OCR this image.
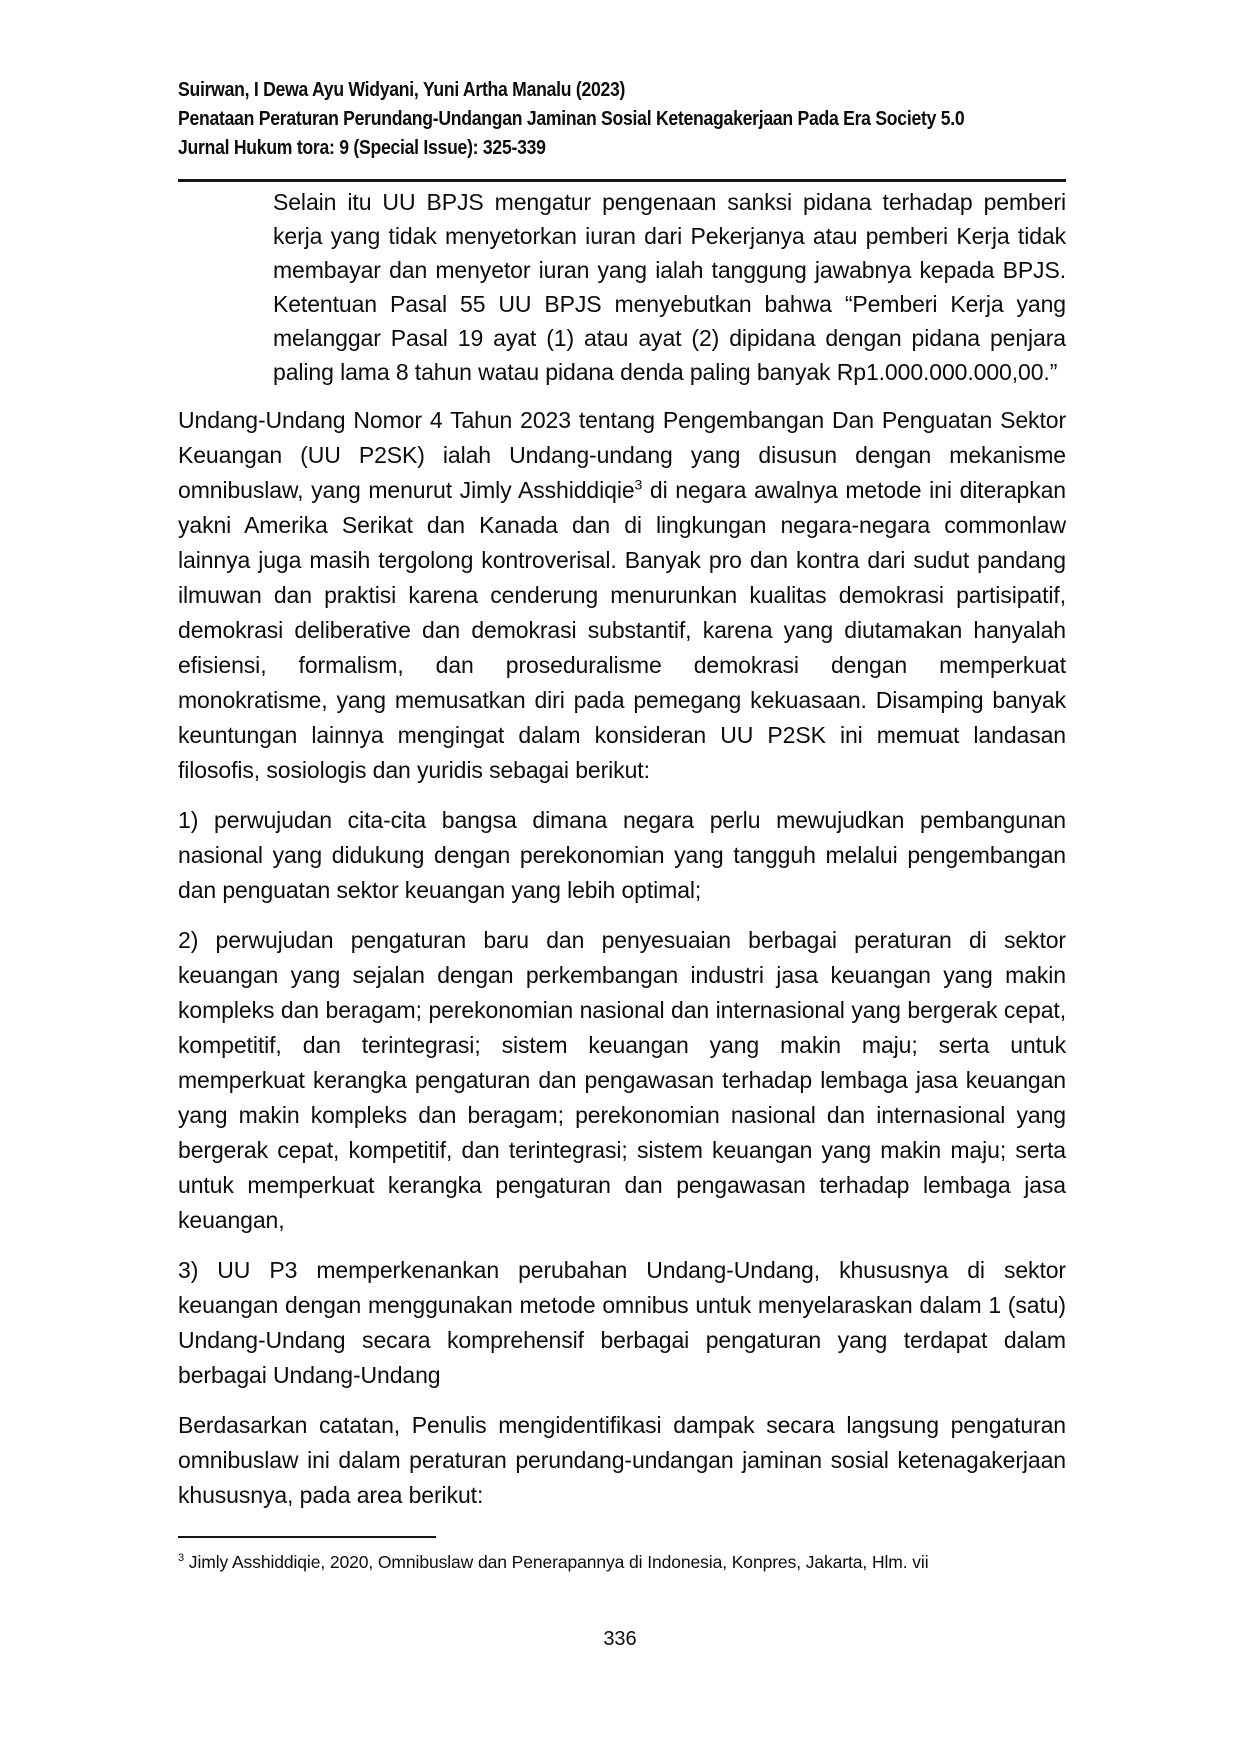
Suirwan, I Dewa Ayu Widyani, Yuni Artha Manalu (2023)
Penataan Peraturan Perundang-Undangan Jaminan Sosial Ketenagakerjaan Pada Era Society 5.0
Jurnal Hukum tora: 9 (Special Issue): 325-339
Selain itu UU BPJS mengatur pengenaan sanksi pidana terhadap pemberi kerja yang tidak menyetorkan iuran dari Pekerjanya atau pemberi Kerja tidak membayar dan menyetor iuran yang ialah tanggung jawabnya kepada BPJS. Ketentuan Pasal 55 UU BPJS menyebutkan bahwa “Pemberi Kerja yang melanggar Pasal 19 ayat (1) atau ayat (2) dipidana dengan pidana penjara paling lama 8 tahun watau pidana denda paling banyak Rp1.000.000.000,00.”

Undang-Undang Nomor 4 Tahun 2023 tentang Pengembangan Dan Penguatan Sektor Keuangan (UU P2SK) ialah Undang-undang yang disusun dengan mekanisme omnibuslaw, yang menurut Jimly Asshiddiqie$^3$ di negara awalnya metode ini diterapkan yakni Amerika Serikat dan Kanada dan di lingkungan negara-negara commonlaw lainnya juga masih tergolong kontroverisal. Banyak pro dan kontra dari sudut pandang ilmuwan dan praktisi karena cenderung menurunkan kualitas demokrasi partisipatif, demokrasi deliberative dan demokrasi substantif, karena yang diutamakan hanyalah efisiensi, formalism, dan proseduralisme demokrasi dengan memperkuat monokratisme, yang memusatkan diri pada pemegang kekuasaan. Disamping banyak keuntungan lainnya mengingat dalam konsideran UU P2SK ini memuat landasan filosofis, sosiologis dan yuridis sebagai berikut:

1) perwujudan cita-cita bangsa dimana negara perlu mewujudkan pembangunan nasional yang didukung dengan perekonomian yang tangguh melalui pengembangan dan penguatan sektor keuangan yang lebih optimal;

2) perwujudan pengaturan baru dan penyesuaian berbagai peraturan di sektor keuangan yang sejalan dengan perkembangan industri jasa keuangan yang makin kompleks dan beragam; perekonomian nasional dan internasional yang bergerak cepat, kompetitif, dan terintegrasi; sistem keuangan yang makin maju; serta untuk memperkuat kerangka pengaturan dan pengawasan terhadap lembaga jasa keuangan yang makin kompleks dan beragam; perekonomian nasional dan internasional yang bergerak cepat, kompetitif, dan terintegrasi; sistem keuangan yang makin maju; serta untuk memperkuat kerangka pengaturan dan pengawasan terhadap lembaga jasa keuangan,

3) UU P3 memperkenankan perubahan Undang-Undang, khususnya di sektor keuangan dengan menggunakan metode omnibus untuk menyelaraskan dalam 1 (satu) Undang-Undang secara komprehensif berbagai pengaturan yang terdapat dalam berbagai Undang-Undang

Berdasarkan catatan, Penulis mengidentifikasi dampak secara langsung pengaturan omnibuslaw ini dalam peraturan perundang-undangan jaminan sosial ketenagakerjaan khususnya, pada area berikut:

$^3$ Jimly Asshiddiqie, 2020, Omnibuslaw dan Penerapannya di Indonesia, Konpres, Jakarta, Hlm. vii
336
